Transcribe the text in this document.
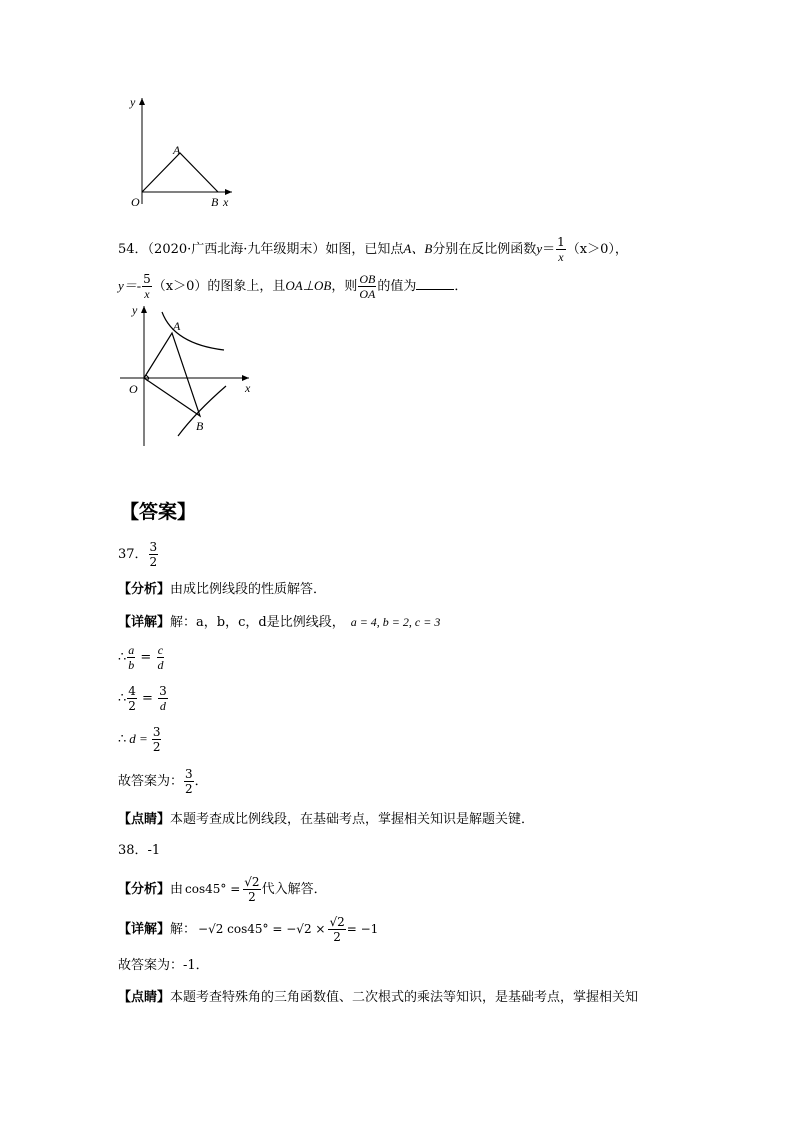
y
O
A
B x
54．（2020·广西北海·九年级期末）如图，已知点A、B分别在反比例函数$y= \frac{1}{x} (x>0)$，
$y=- \frac{5}{x} (x>0)$的图象上，且OA⊥OB，则 $\frac{OB}{OA}$ 的值为	．
y
O
A
B
x
【答案】
37． $\frac{3}{2}$
【分析】由成比例线段的性质解答．
【详解】解：a，b，c，d是比例线段， a = 4, b = 2, c = 3
∴ $\frac{a}{b} = \frac{c}{d}$
∴ $\frac{4}{2} = \frac{3}{d}$
∴ $d = \frac{3}{2}$
故答案为： $\frac{3}{2}$ ．
【点睛】本题考查成比例线段，在基础考点，掌握相关知识是解题关键．
38．-1
【分析】由 $\cos 45^\circ = \frac{√2}{2}$ 代入解答．
【详解】解： −√2 $\cos 45^\circ = -√2 \times \frac{√2}{2} = -1$
故答案为：-1．
【点睛】本题考查特殊角的三角函数值、二次根式的乘法等知识，是基础考点，掌握相关知
